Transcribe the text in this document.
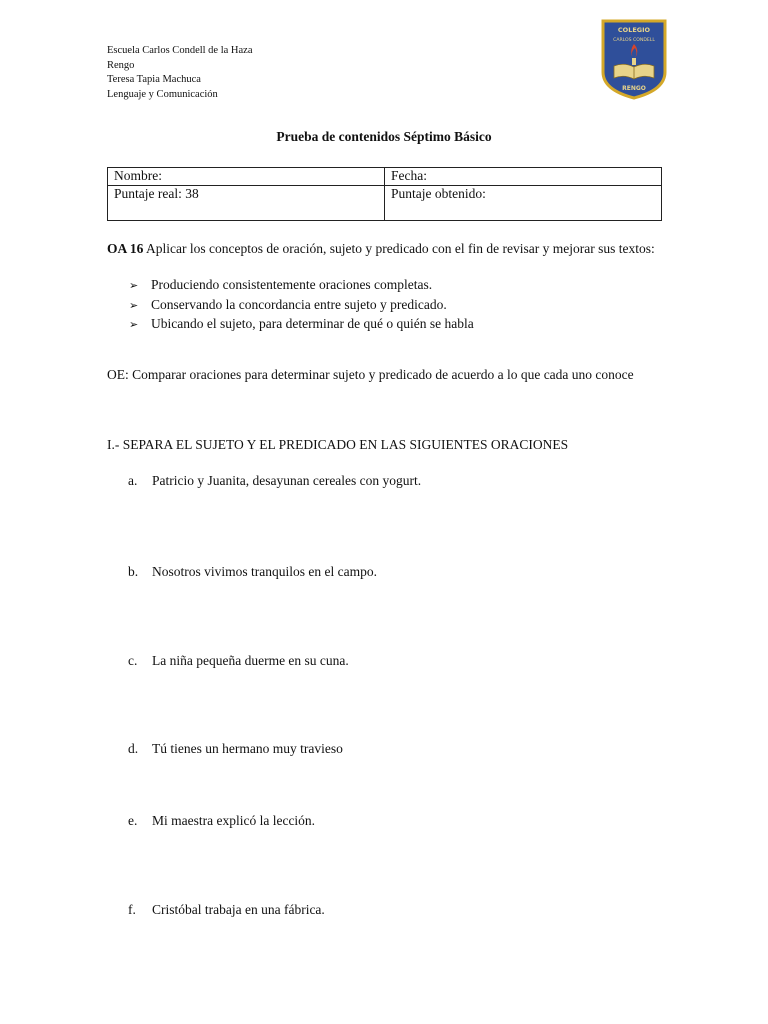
Escuela Carlos Condell de la Haza
Rengo
Teresa Tapia Machuca
Lenguaje y Comunicación
COLEGIO
CARLOS CONDELL
RENGO
Prueba de contenidos Séptimo Básico
Nombre:	Fecha:
Puntaje real: 38	Puntaje obtenido:
OA 16 Aplicar los conceptos de oración, sujeto y predicado con el fin de revisar y mejorar sus textos:
➢ Produciendo consistentemente oraciones completas.
➢ Conservando la concordancia entre sujeto y predicado.
➢ Ubicando el sujeto, para determinar de qué o quién se habla
OE: Comparar oraciones para determinar sujeto y predicado de acuerdo a lo que cada uno conoce
I.- SEPARA EL SUJETO Y EL PREDICADO EN LAS SIGUIENTES ORACIONES
a. Patricio y Juanita, desayunan cereales con yogurt.
b. Nosotros vivimos tranquilos en el campo.
c. La niña pequeña duerme en su cuna.
d. Tú tienes un hermano muy travieso
e. Mi maestra explicó la lección.
f. Cristóbal trabaja en una fábrica.
